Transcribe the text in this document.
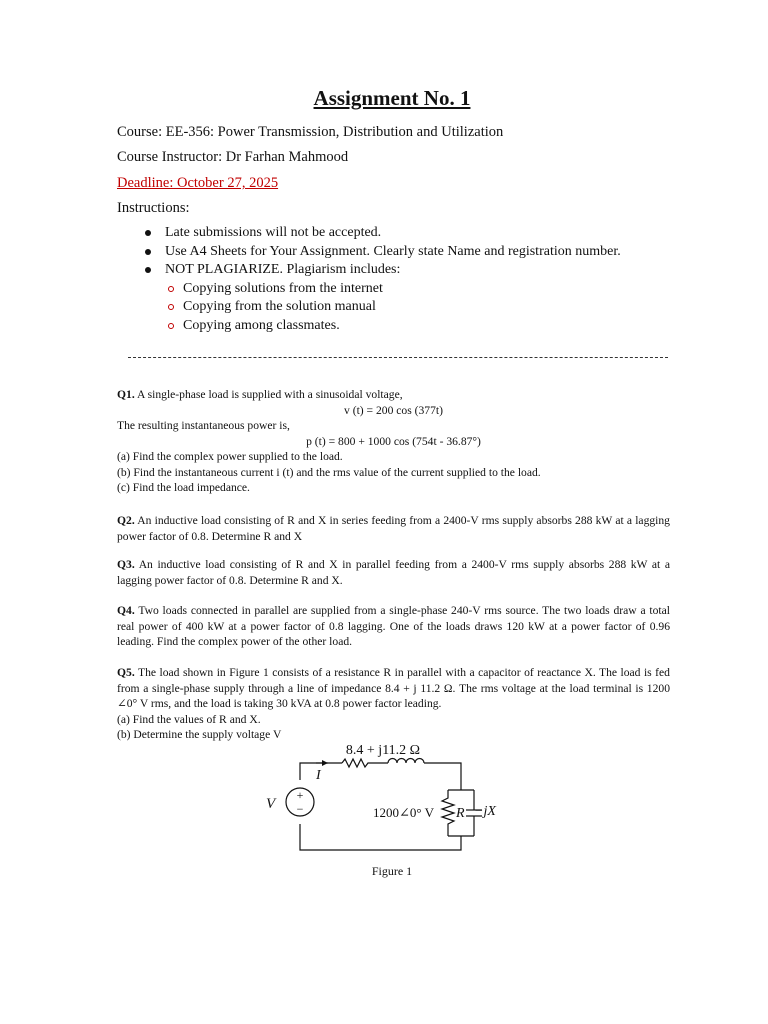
Assignment No. 1
Course: EE-356: Power Transmission, Distribution and Utilization
Course Instructor: Dr Farhan Mahmood
Deadline: October 27, 2025
Instructions:
Late submissions will not be accepted.
Use A4 Sheets for Your Assignment. Clearly state Name and registration number.
NOT PLAGIARIZE. Plagiarism includes:
Copying solutions from the internet
Copying from the solution manual
Copying among classmates.

Q1. A single-phase load is supplied with a sinusoidal voltage,

v (t) = 200 cos (377t)

The resulting instantaneous power is,

p (t) = 800 + 1000 cos (754t - 36.87°)

(a) Find the complex power supplied to the load.

(b) Find the instantaneous current i (t) and the rms value of the current supplied to the load.

(c) Find the load impedance.

Q2. An inductive load consisting of R and X in series feeding from a 2400-V rms supply absorbs 288 kW at a lagging power factor of 0.8. Determine R and X

Q3. An inductive load consisting of R and X in parallel feeding from a 2400-V rms supply absorbs 288 kW at a lagging power factor of 0.8. Determine R and X.

Q4. Two loads connected in parallel are supplied from a single-phase 240-V rms source. The two loads draw a total real power of 400 kW at a power factor of 0.8 lagging. One of the loads draws 120 kW at a power factor of 0.96 leading. Find the complex power of the other load.

Q5. The load shown in Figure 1 consists of a resistance R in parallel with a capacitor of reactance X. The load is fed from a single-phase supply through a line of impedance 8.4 + j 11.2 Ω. The rms voltage at the load terminal is 1200 ∠0° V rms, and the load is taking 30 kVA at 0.8 power factor leading.

(a) Find the values of R and X.

(b) Determine the supply voltage V

8.4 + j11.2 Ω
I
V
+
−	1200∠0° V R −jX
Figure 1
